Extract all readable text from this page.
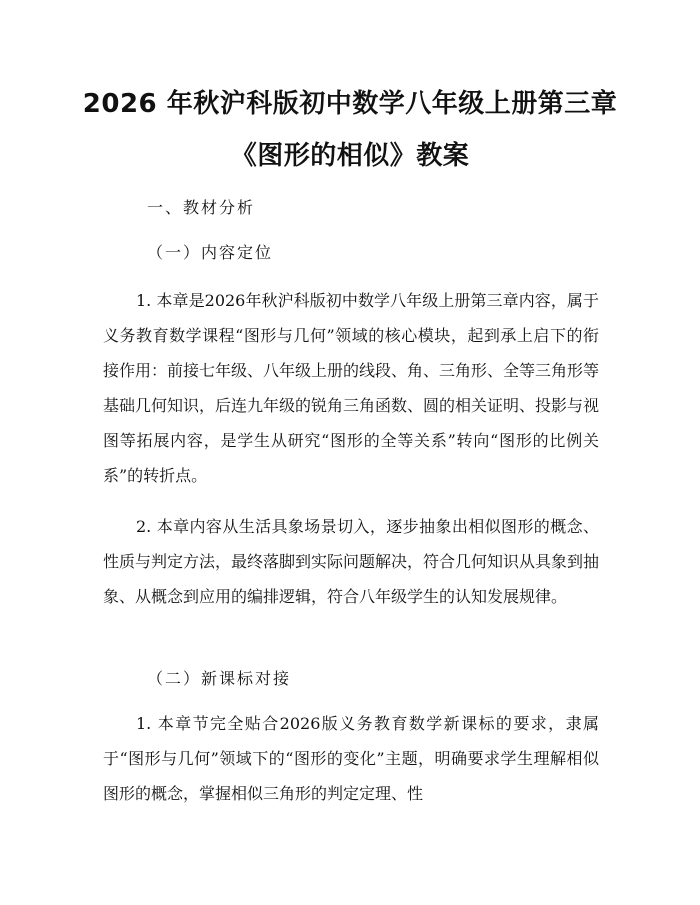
2026 年秋沪科版初中数学八年级上册第三章
《图形的相似》教案
一、教材分析
（一）内容定位

1. 本章是2026年秋沪科版初中数学八年级上册第三章内容，属于义务教育数学课程“图形与几何”领域的核心模块，起到承上启下的衔接作用：前接七年级、八年级上册的线段、角、三角形、全等三角形等基础几何知识，后连九年级的锐角三角函数、圆的相关证明、投影与视图等拓展内容，是学生从研究“图形的全等关系”转向“图形的比例关系”的转折点。

2. 本章内容从生活具象场景切入，逐步抽象出相似图形的概念、性质与判定方法，最终落脚到实际问题解决，符合几何知识从具象到抽象、从概念到应用的编排逻辑，符合八年级学生的认知发展规律。

（二）新课标对接

1. 本章节完全贴合2026版义务教育数学新课标的要求，隶属于“图形与几何”领域下的“图形的变化”主题，明确要求学生理解相似图形的概念，掌握相似三角形的判定定理、性
